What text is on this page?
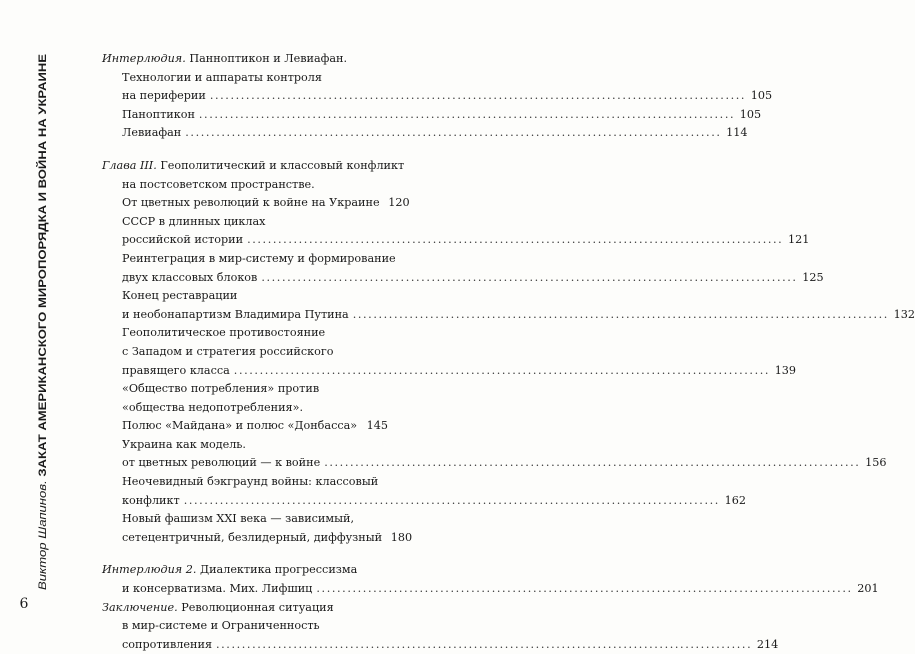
Виктор Шапинов. ЗАКАТ АМЕРИКАНСКОГО МИРОПОРЯДКА И ВОЙНА НА УКРАИНЕ
6
Интерлюдия.
Панноптикон и Левиафан.
Технологии и аппараты контроля
на периферии ........................................................................................................ 105
Паноптикон ........................................................................................................ 105
Левиафан ........................................................................................................ 114
Глава III.
Геополитический и классовый конфликт
на постсоветском пространстве.
От цветных революций к войне на Украине 120
СССР в длинных циклах
российской истории ........................................................................................................ 121
Реинтеграция в мир-систему и формирование
двух классовых блоков ........................................................................................................ 125
Конец реставрации
и необонапартизм Владимира Путина ........................................................................................................ 132
Геополитическое противостояние
с Западом и стратегия российского
правящего класса ........................................................................................................ 139
«Общество потребления» против
«общества недопотребления».
Полюс «Майдана» и полюс «Донбасса» 145
Украина как модель.
от цветных революций — к войне ........................................................................................................ 156
Неочевидный бэкграунд войны: классовый
конфликт ........................................................................................................ 162
Новый фашизм XXI века — зависимый,
сетецентричный, безлидерный, диффузный 180
Интерлюдия 2.
Диалектика прогрессизма
и консерватизма. Мих. Лифшиц ........................................................................................................ 201
Заключение.
Революционная ситуация
в мир-системе и Ограниченность
сопротивления ........................................................................................................ 214
